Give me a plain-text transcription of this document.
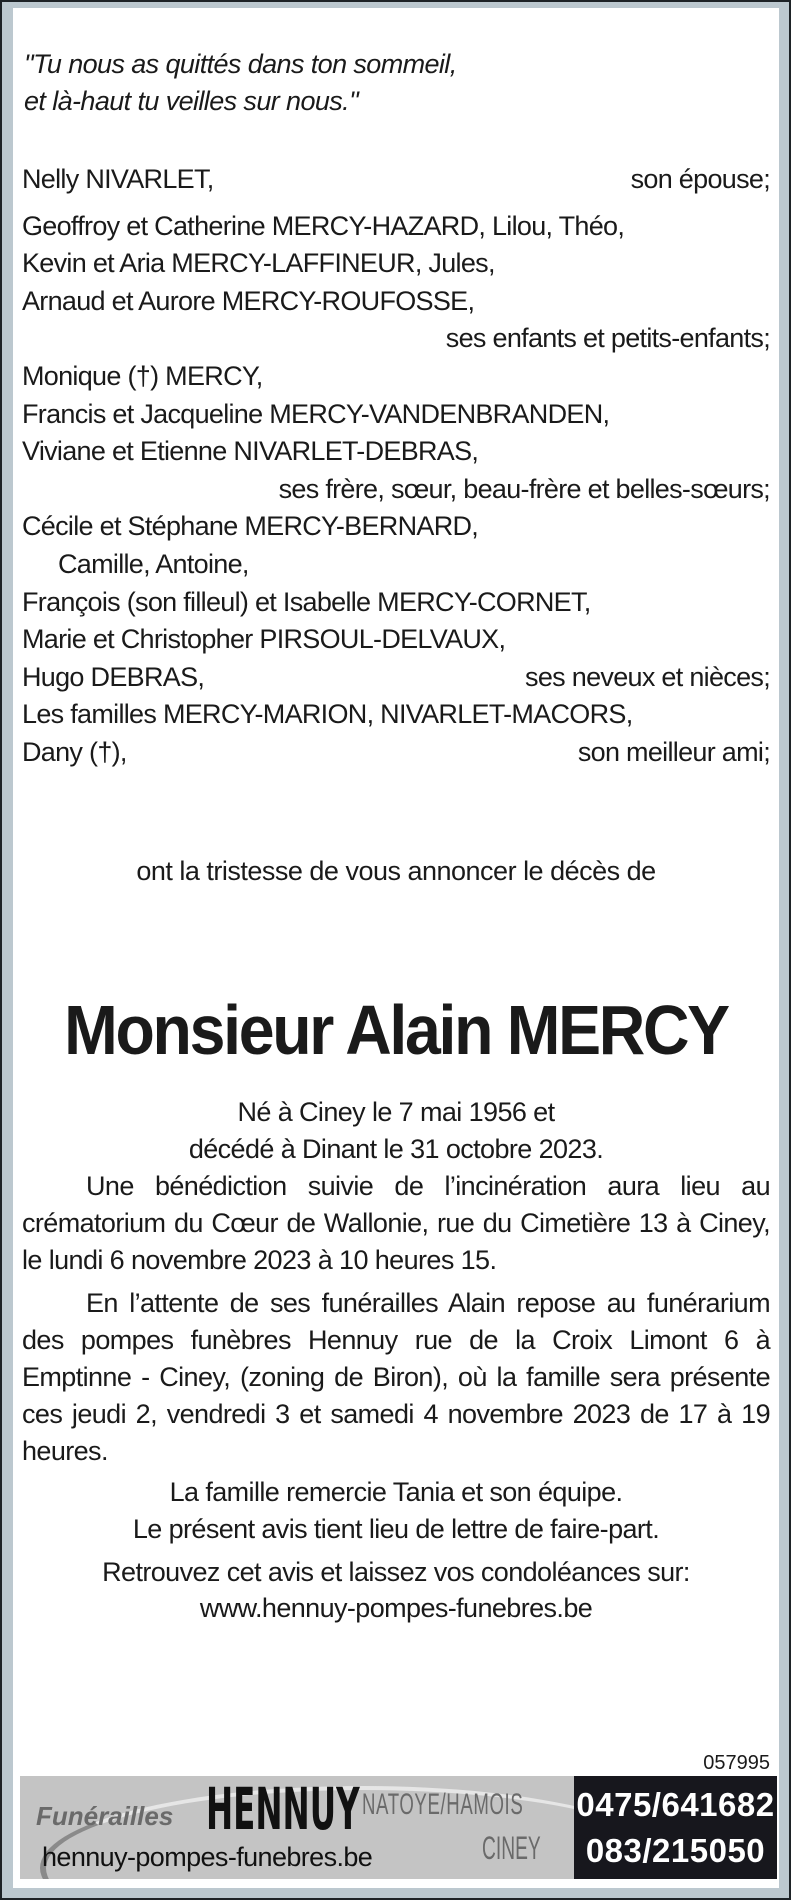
"Tu nous as quittés dans ton sommeil,
et là-haut tu veilles sur nous."
Nelly NIVARLET,	son épouse;
Geoffroy et Catherine MERCY-HAZARD, Lilou, Théo,
Kevin et Aria MERCY-LAFFINEUR, Jules,
Arnaud et Aurore MERCY-ROUFOSSE,
ses enfants et petits-enfants;
Monique (†) MERCY,
Francis et Jacqueline MERCY-VANDENBRANDEN,
Viviane et Etienne NIVARLET-DEBRAS,
ses frère, sœur, beau-frère et belles-sœurs;
Cécile et Stéphane MERCY-BERNARD,
Camille, Antoine,
François (son filleul) et Isabelle MERCY-CORNET,
Marie et Christopher PIRSOUL-DELVAUX,
Hugo DEBRAS,	ses neveux et nièces;
Les familles MERCY-MARION, NIVARLET-MACORS,
Dany (†),	son meilleur ami;
ont la tristesse de vous annoncer le décès de
Monsieur Alain MERCY
Né à Ciney le 7 mai 1956 et
décédé à Dinant le 31 octobre 2023.
Une bénédiction suivie de l’incinération aura lieu au crématorium du Cœur de Wallonie, rue du Cimetière 13 à Ciney, le lundi 6 novembre 2023 à 10 heures 15.
En l’attente de ses funérailles Alain repose au funérarium des pompes funèbres Hennuy rue de la Croix Limont 6 à Emptinne - Ciney, (zoning de Biron), où la famille sera présente ces jeudi 2, vendredi 3 et samedi 4 novembre 2023 de 17 à 19 heures.
La famille remercie Tania et son équipe.
Le présent avis tient lieu de lettre de faire-part.
Retrouvez cet avis et laissez vos condoléances sur:
www.hennuy-pompes-funebres.be
057995
Funérailles HENNUY NATOYE/HAMOIS
CINEY
hennuy-pompes-funebres.be
0475/641682
083/215050
